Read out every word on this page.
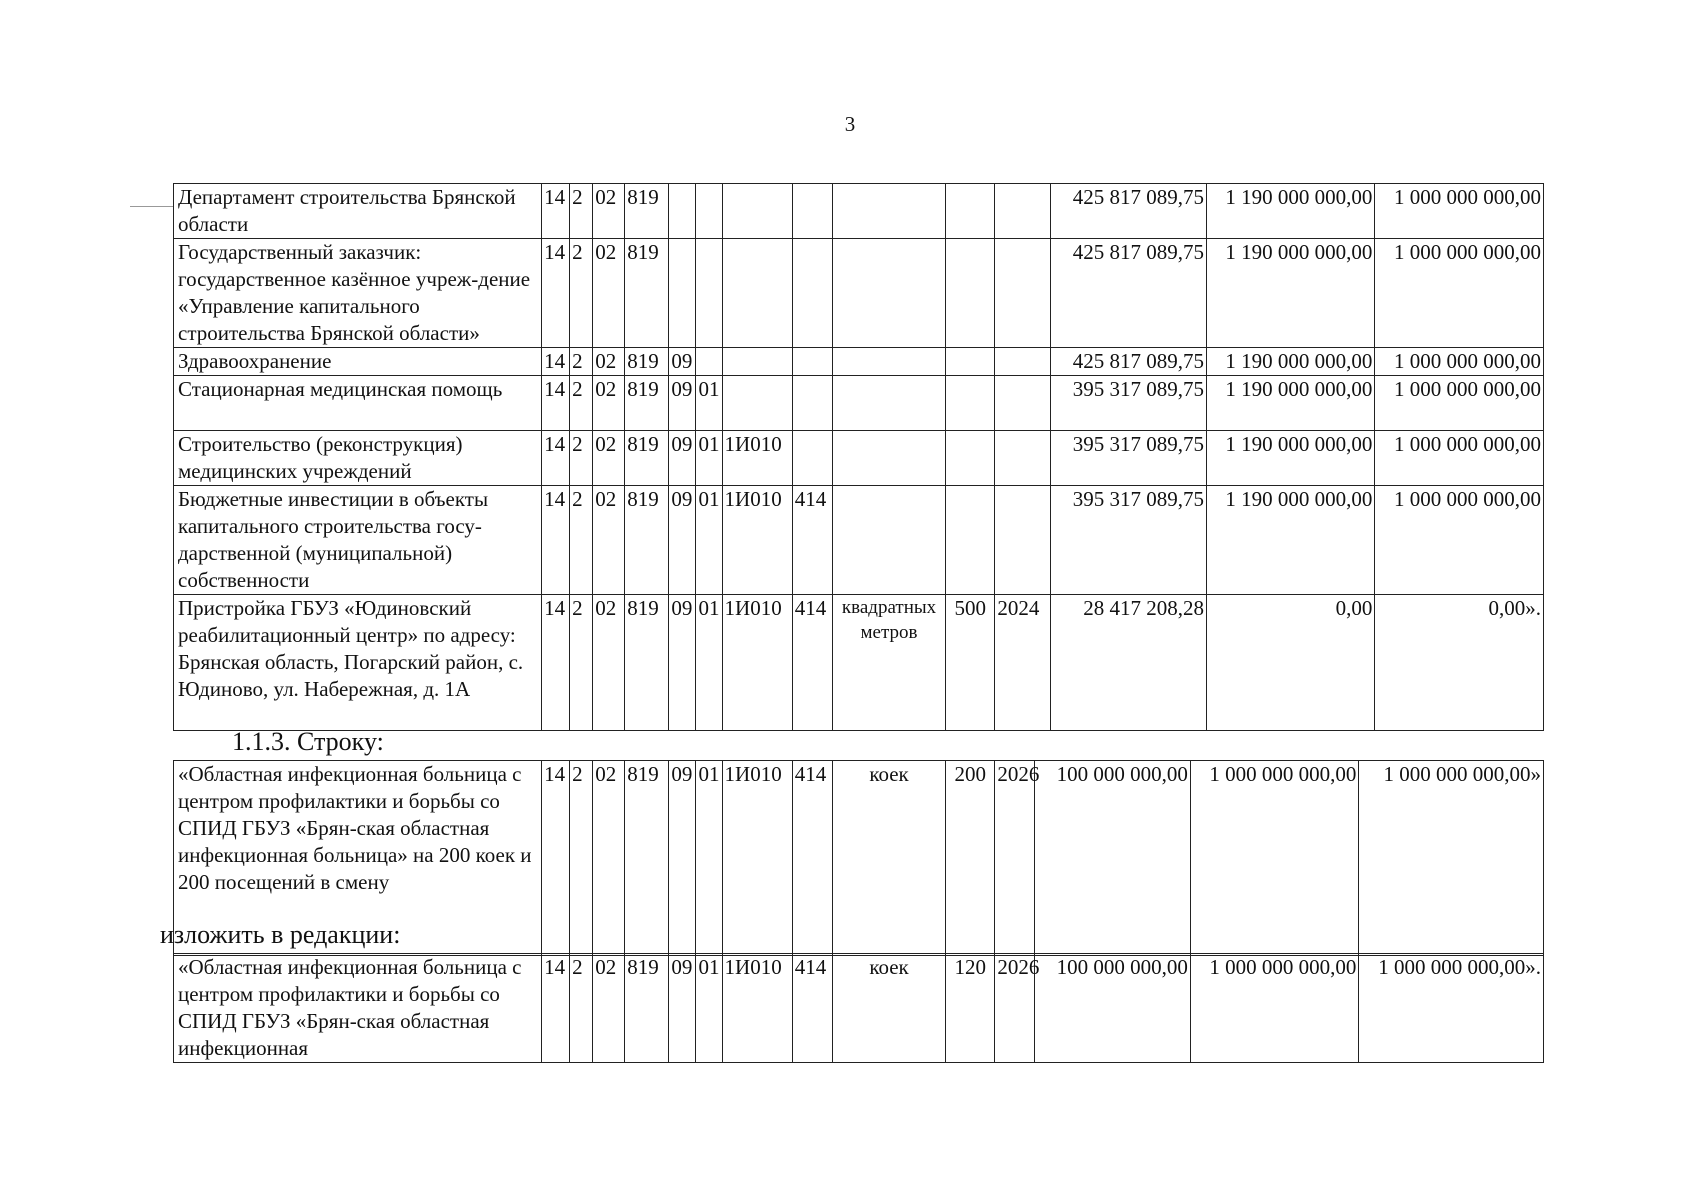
3
Департамент строительства Брянской области	14	2	02	819								425 817 089,75	1 190 000 000,00	1 000 000 000,00
Государственный заказчик: государственное казённое учреж-дение «Управление капитального строительства Брянской области»	14	2	02	819								425 817 089,75	1 190 000 000,00	1 000 000 000,00
Здравоохранение	14	2	02	819	09							425 817 089,75	1 190 000 000,00	1 000 000 000,00
Стационарная медицинская помощь	14	2	02	819	09	01						395 317 089,75	1 190 000 000,00	1 000 000 000,00
Строительство (реконструкция) медицинских учреждений	14	2	02	819	09	01	1И010					395 317 089,75	1 190 000 000,00	1 000 000 000,00
Бюджетные инвестиции в объекты капитального строительства госу-дарственной (муниципальной) собственности	14	2	02	819	09	01	1И010	414				395 317 089,75	1 190 000 000,00	1 000 000 000,00
Пристройка ГБУЗ «Юдиновский реабилитационный центр» по адресу: Брянская область, Погарский район, с. Юдиново, ул. Набережная, д. 1А	14	2	02	819	09	01	1И010	414	квадратных метров	500	2024	28 417 208,28	0,00	0,00».
1.1.3. Строку:
«Областная инфекционная больница с центром профилактики и борьбы со СПИД ГБУЗ «Брян-ская областная инфекционная больница» на 200 коек и 200 посещений в смену	14	2	02	819	09	01	1И010	414	коек	200	2026	100 000 000,00	1 000 000 000,00	1 000 000 000,00»
изложить в редакции:
«Областная инфекционная больница с центром профилактики и борьбы со СПИД ГБУЗ «Брян-ская областная инфекционная	14	2	02	819	09	01	1И010	414	коек	120	2026	100 000 000,00	1 000 000 000,00	1 000 000 000,00».
